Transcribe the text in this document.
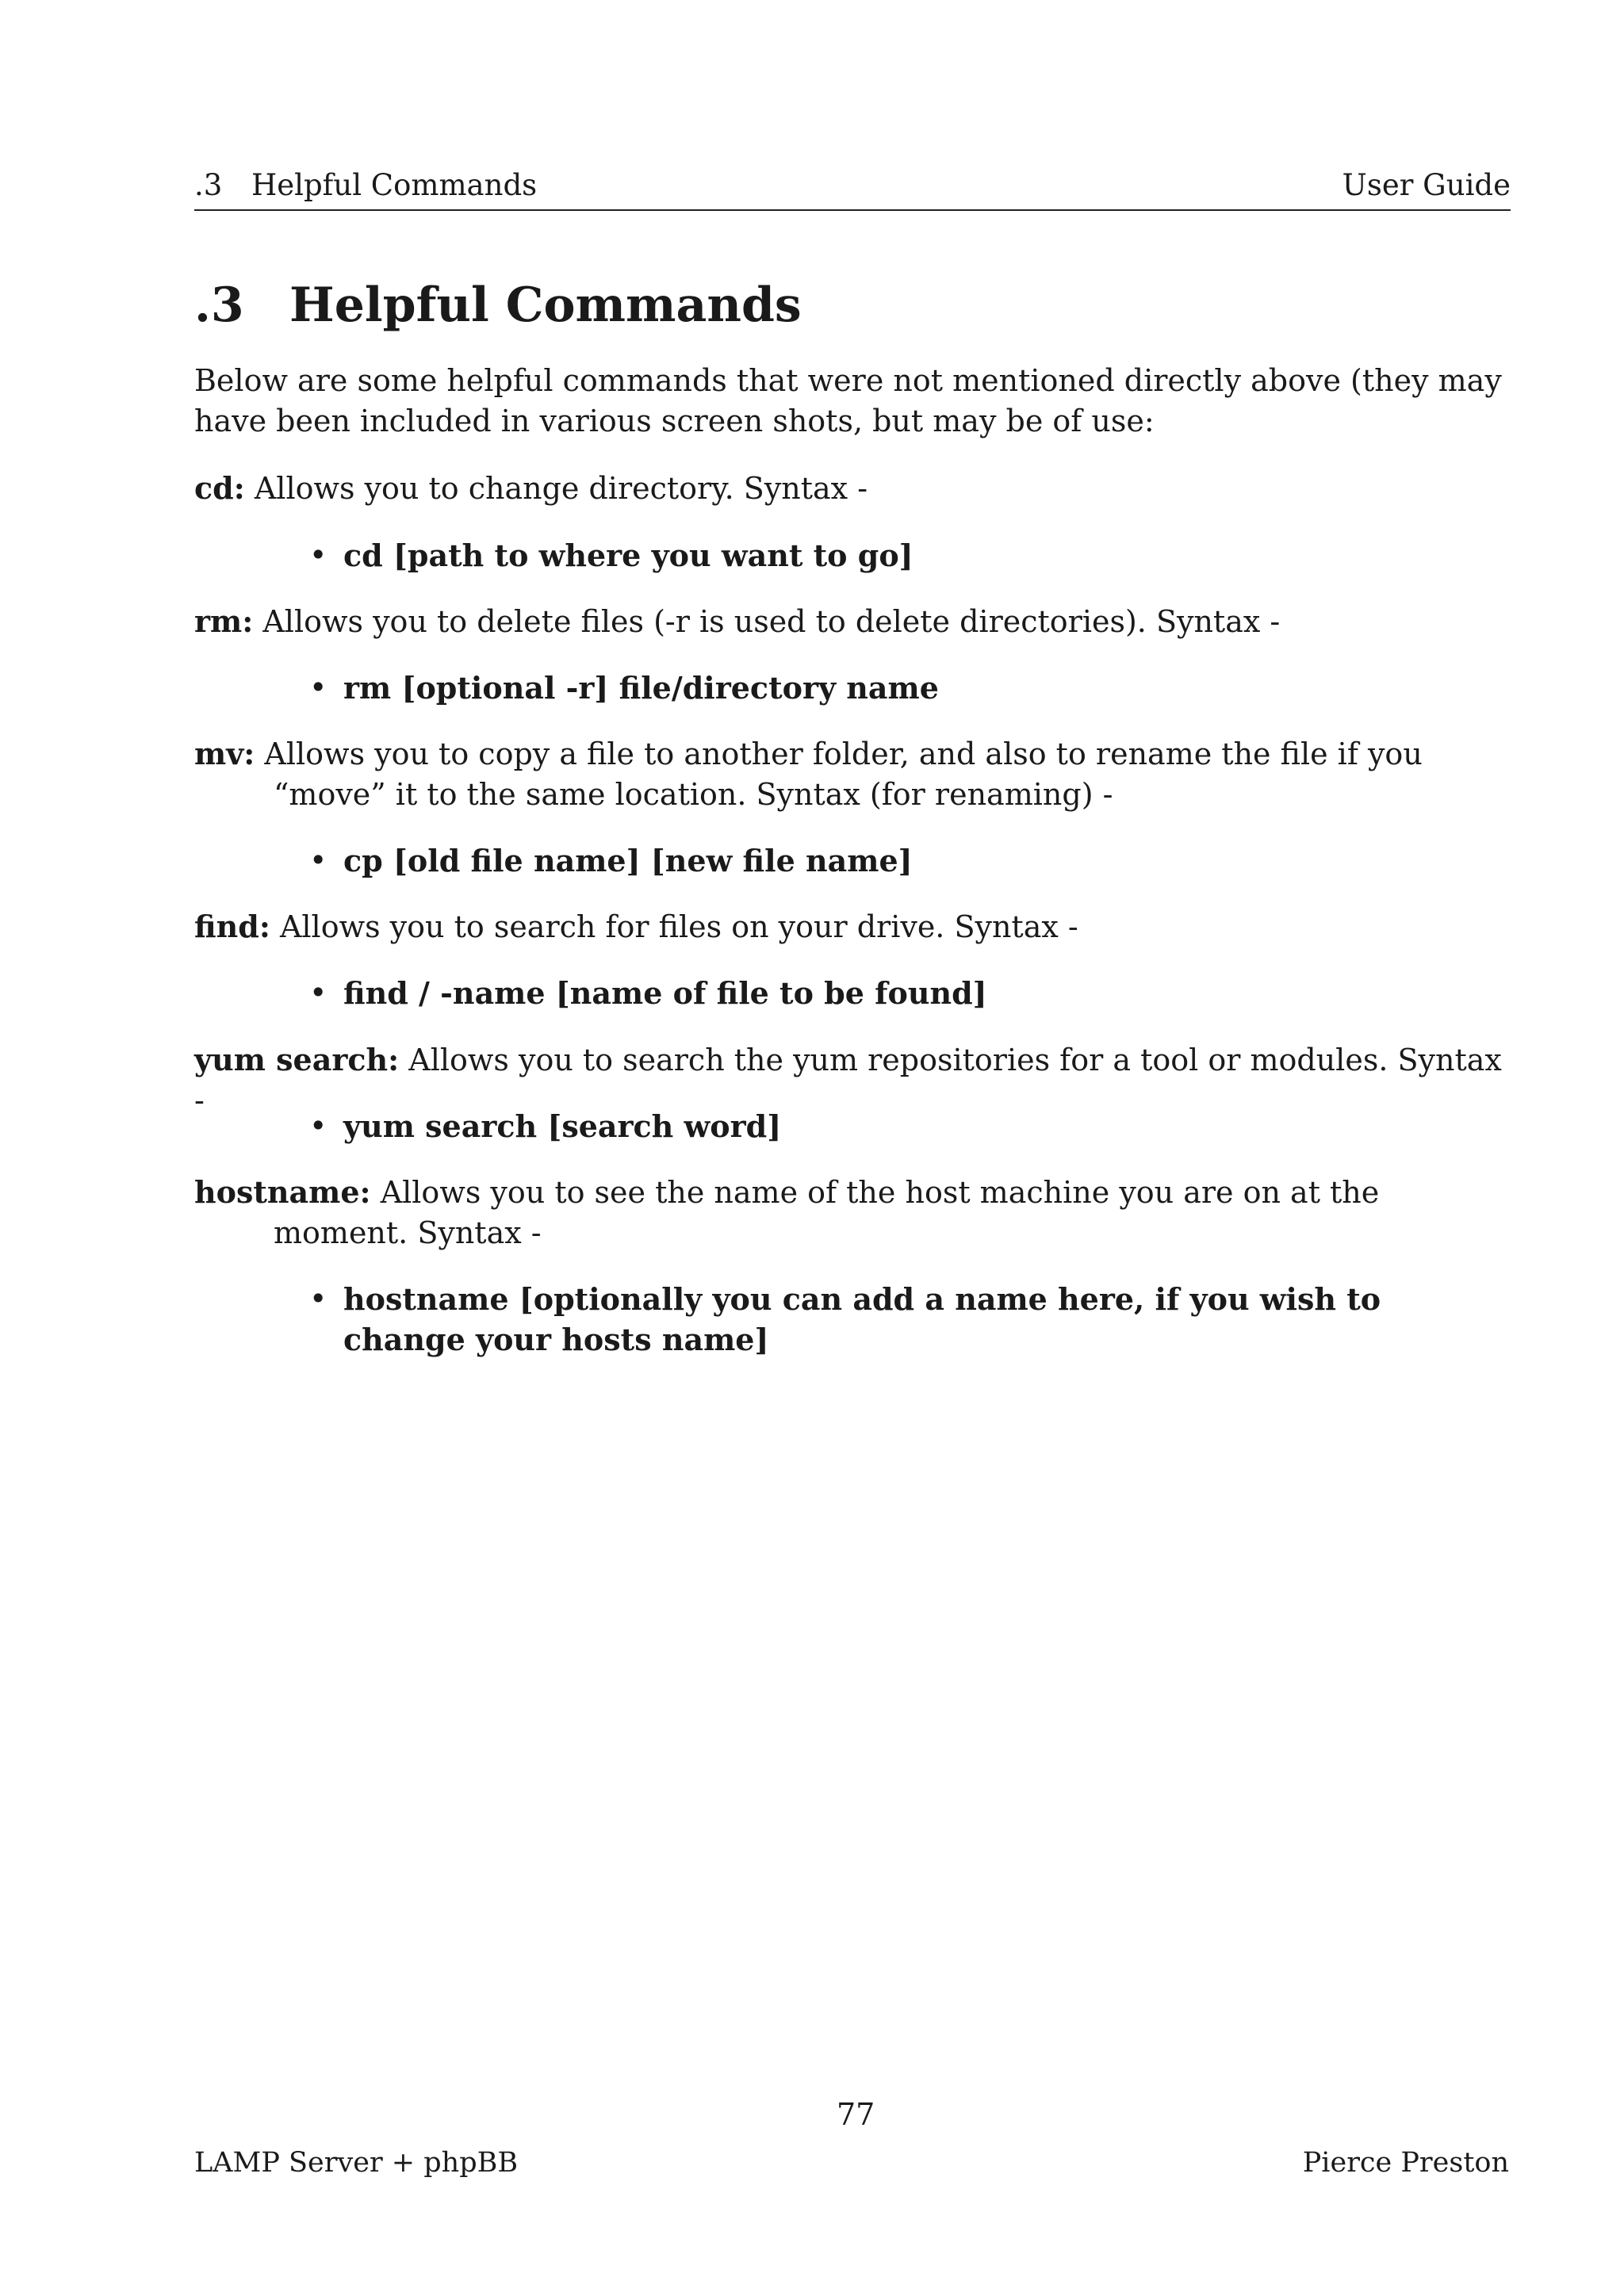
.3 Helpful Commands	User Guide
.3 Helpful Commands
Below are some helpful commands that were not mentioned directly above (they may have been included in various screen shots, but may be of use:
cd: Allows you to change directory. Syntax -
• cd [path to where you want to go]
rm: Allows you to delete files (-r is used to delete directories). Syntax -
• rm [optional -r] file/directory name
mv: Allows you to copy a file to another folder, and also to rename the file if you “move” it to the same location. Syntax (for renaming) -
• cp [old file name] [new file name]
find: Allows you to search for files on your drive. Syntax -
• find / -name [name of file to be found]
yum search: Allows you to search the yum repositories for a tool or modules. Syntax -
• yum search [search word]
hostname: Allows you to see the name of the host machine you are on at the moment. Syntax -
• hostname [optionally you can add a name here, if you wish to change your hosts name]
77
LAMP Server + phpBB	Pierce Preston
